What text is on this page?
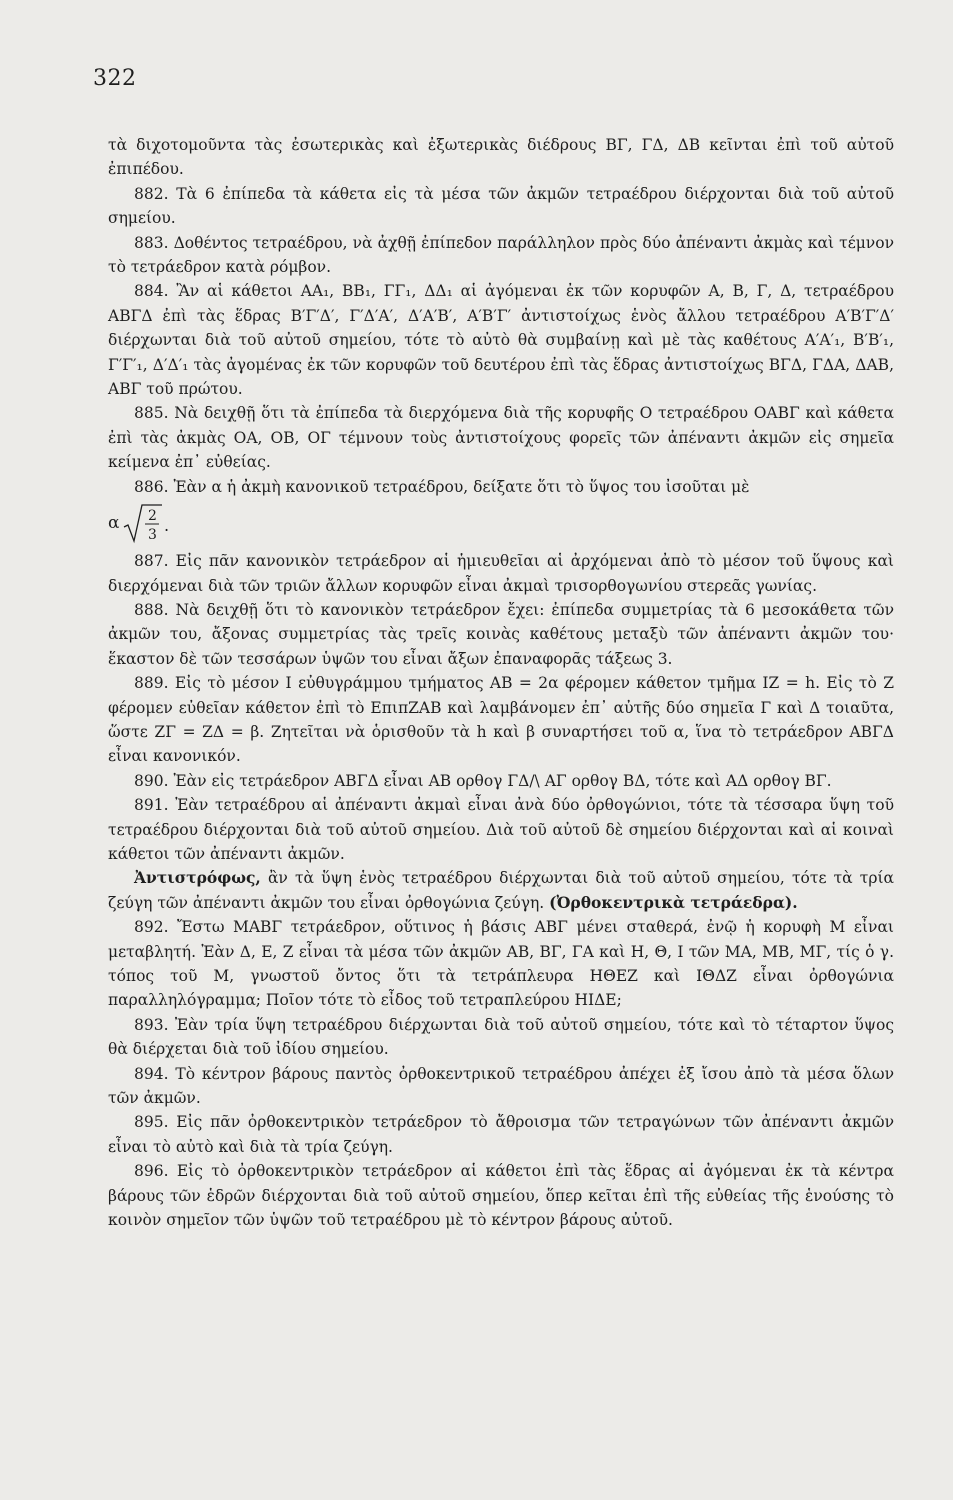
322

τὰ διχοτομοῦντα τὰς ἐσωτερικὰς καὶ ἐξωτερικὰς διέδρους ΒΓ, ΓΔ, ΔΒ κεῖνται ἐπὶ τοῦ αὐτοῦ ἐπιπέδου.

882. Τὰ 6 ἐπίπεδα τὰ κάθετα εἰς τὰ μέσα τῶν ἀκμῶν τετραέδρου διέρχονται διὰ τοῦ αὐτοῦ σημείου.

883. Δοθέντος τετραέδρου, νὰ ἀχθῇ ἐπίπεδον παράλληλον πρὸς δύο ἀπέναντι ἀκμὰς καὶ τέμνον τὸ τετράεδρον κατὰ ρόμβον.

884. Ἂν αἱ κάθετοι ΑΑ₁, ΒΒ₁, ΓΓ₁, ΔΔ₁ αἱ ἀγόμεναι ἐκ τῶν κορυφῶν Α, Β, Γ, Δ, τετραέδρου ΑΒΓΔ ἐπὶ τὰς ἕδρας Β′Γ′Δ′, Γ′Δ′Α′, Δ′Α′Β′, Α′Β′Γ′ ἀντιστοίχως ἑνὸς ἄλλου τετραέδρου Α′Β′Γ′Δ′ διέρχωνται διὰ τοῦ αὐτοῦ σημείου, τότε τὸ αὐτὸ θὰ συμβαίνῃ καὶ μὲ τὰς καθέτους Α′Α′₁, Β′Β′₁, Γ′Γ′₁, Δ′Δ′₁ τὰς ἀγομένας ἐκ τῶν κορυφῶν τοῦ δευτέρου ἐπὶ τὰς ἕδρας ἀντιστοίχως ΒΓΔ, ΓΔΑ, ΔΑΒ, ΑΒΓ τοῦ πρώτου.

885. Νὰ δειχθῇ ὅτι τὰ ἐπίπεδα τὰ διερχόμενα διὰ τῆς κορυφῆς Ο τετραέδρου ΟΑΒΓ καὶ κάθετα ἐπὶ τὰς ἀκμὰς ΟΑ, ΟΒ, ΟΓ τέμνουν τοὺς ἀντιστοίχους φορεῖς τῶν ἀπέναντι ἀκμῶν εἰς σημεῖα κείμενα ἐπ᾽ εὐθείας.

886. Ἐὰν α ἡ ἀκμὴ κανονικοῦ τετραέδρου, δείξατε ὅτι τὸ ὕψος του ἰσοῦται μὲ

α 2
3 .

887. Εἰς πᾶν κανονικὸν τετράεδρον αἱ ἡμιευθεῖαι αἱ ἀρχόμεναι ἀπὸ τὸ μέσον τοῦ ὕψους καὶ διερχόμεναι διὰ τῶν τριῶν ἄλλων κορυφῶν εἶναι ἀκμαὶ τρισορθογωνίου στερεᾶς γωνίας.

888. Νὰ δειχθῇ ὅτι τὸ κανονικὸν τετράεδρον ἔχει: ἐπίπεδα συμμετρίας τὰ 6 μεσοκάθετα τῶν ἀκμῶν του, ἄξονας συμμετρίας τὰς τρεῖς κοινὰς καθέτους μεταξὺ τῶν ἀπέναντι ἀκμῶν του· ἕκαστον δὲ τῶν τεσσάρων ὑψῶν του εἶναι ἄξων ἐπαναφορᾶς τάξεως 3.

889. Εἰς τὸ μέσον Ι εὐθυγράμμου τμήματος ΑΒ = 2α φέρομεν κάθετον τμῆμα ΙΖ = h. Εἰς τὸ Ζ φέρομεν εὐθεῖαν κάθετον ἐπὶ τὸ ΕπιπΖΑΒ καὶ λαμβάνομεν ἐπ᾽ αὐτῆς δύο σημεῖα Γ καὶ Δ τοιαῦτα, ὥστε ΖΓ = ΖΔ = β. Ζητεῖται νὰ ὁρισθοῦν τὰ h καὶ β συναρτήσει τοῦ α, ἵνα τὸ τετράεδρον ΑΒΓΔ εἶναι κανονικόν.

890. Ἐὰν εἰς τετράεδρον ΑΒΓΔ εἶναι ΑΒ ορθογ ΓΔ/\ ΑΓ ορθογ ΒΔ, τότε καὶ ΑΔ ορθογ ΒΓ.

891. Ἐὰν τετραέδρου αἱ ἀπέναντι ἀκμαὶ εἶναι ἀνὰ δύο ὀρθογώνιοι, τότε τὰ τέσσαρα ὕψη τοῦ τετραέδρου διέρχονται διὰ τοῦ αὐτοῦ σημείου. Διὰ τοῦ αὐτοῦ δὲ σημείου διέρχονται καὶ αἱ κοιναὶ κάθετοι τῶν ἀπέναντι ἀκμῶν.

Ἀντιστρόφως, ἂν τὰ ὕψη ἑνὸς τετραέδρου διέρχωνται διὰ τοῦ αὐτοῦ σημείου, τότε τὰ τρία ζεύγη τῶν ἀπέναντι ἀκμῶν του εἶναι ὀρθογώνια ζεύγη. (Ὀρθοκεντρικὰ τετράεδρα).

892. Ἔστω ΜΑΒΓ τετράεδρον, οὕτινος ἡ βάσις ΑΒΓ μένει σταθερά, ἐνῷ ἡ κορυφὴ Μ εἶναι μεταβλητή. Ἐὰν Δ, Ε, Ζ εἶναι τὰ μέσα τῶν ἀκμῶν ΑΒ, ΒΓ, ΓΑ καὶ Η, Θ, Ι τῶν ΜΑ, ΜΒ, ΜΓ, τίς ὁ γ. τόπος τοῦ Μ, γνωστοῦ ὄντος ὅτι τὰ τετράπλευρα ΗΘΕΖ καὶ ΙΘΔΖ εἶναι ὀρθογώνια παραλληλόγραμμα; Ποῖον τότε τὸ εἶδος τοῦ τετραπλεύρου ΗΙΔΕ;

893. Ἐὰν τρία ὕψη τετραέδρου διέρχωνται διὰ τοῦ αὐτοῦ σημείου, τότε καὶ τὸ τέταρτον ὕψος θὰ διέρχεται διὰ τοῦ ἰδίου σημείου.

894. Τὸ κέντρον βάρους παντὸς ὀρθοκεντρικοῦ τετραέδρου ἀπέχει ἐξ ἴσου ἀπὸ τὰ μέσα ὅλων τῶν ἀκμῶν.

895. Εἰς πᾶν ὀρθοκεντρικὸν τετράεδρον τὸ ἄθροισμα τῶν τετραγώνων τῶν ἀπέναντι ἀκμῶν εἶναι τὸ αὐτὸ καὶ διὰ τὰ τρία ζεύγη.

896. Εἰς τὸ ὀρθοκεντρικὸν τετράεδρον αἱ κάθετοι ἐπὶ τὰς ἕδρας αἱ ἀγόμεναι ἐκ τὰ κέντρα βάρους τῶν ἑδρῶν διέρχονται διὰ τοῦ αὐτοῦ σημείου, ὅπερ κεῖται ἐπὶ τῆς εὐθείας τῆς ἑνούσης τὸ κοινὸν σημεῖον τῶν ὑψῶν τοῦ τετραέδρου μὲ τὸ κέντρον βάρους αὐτοῦ.
